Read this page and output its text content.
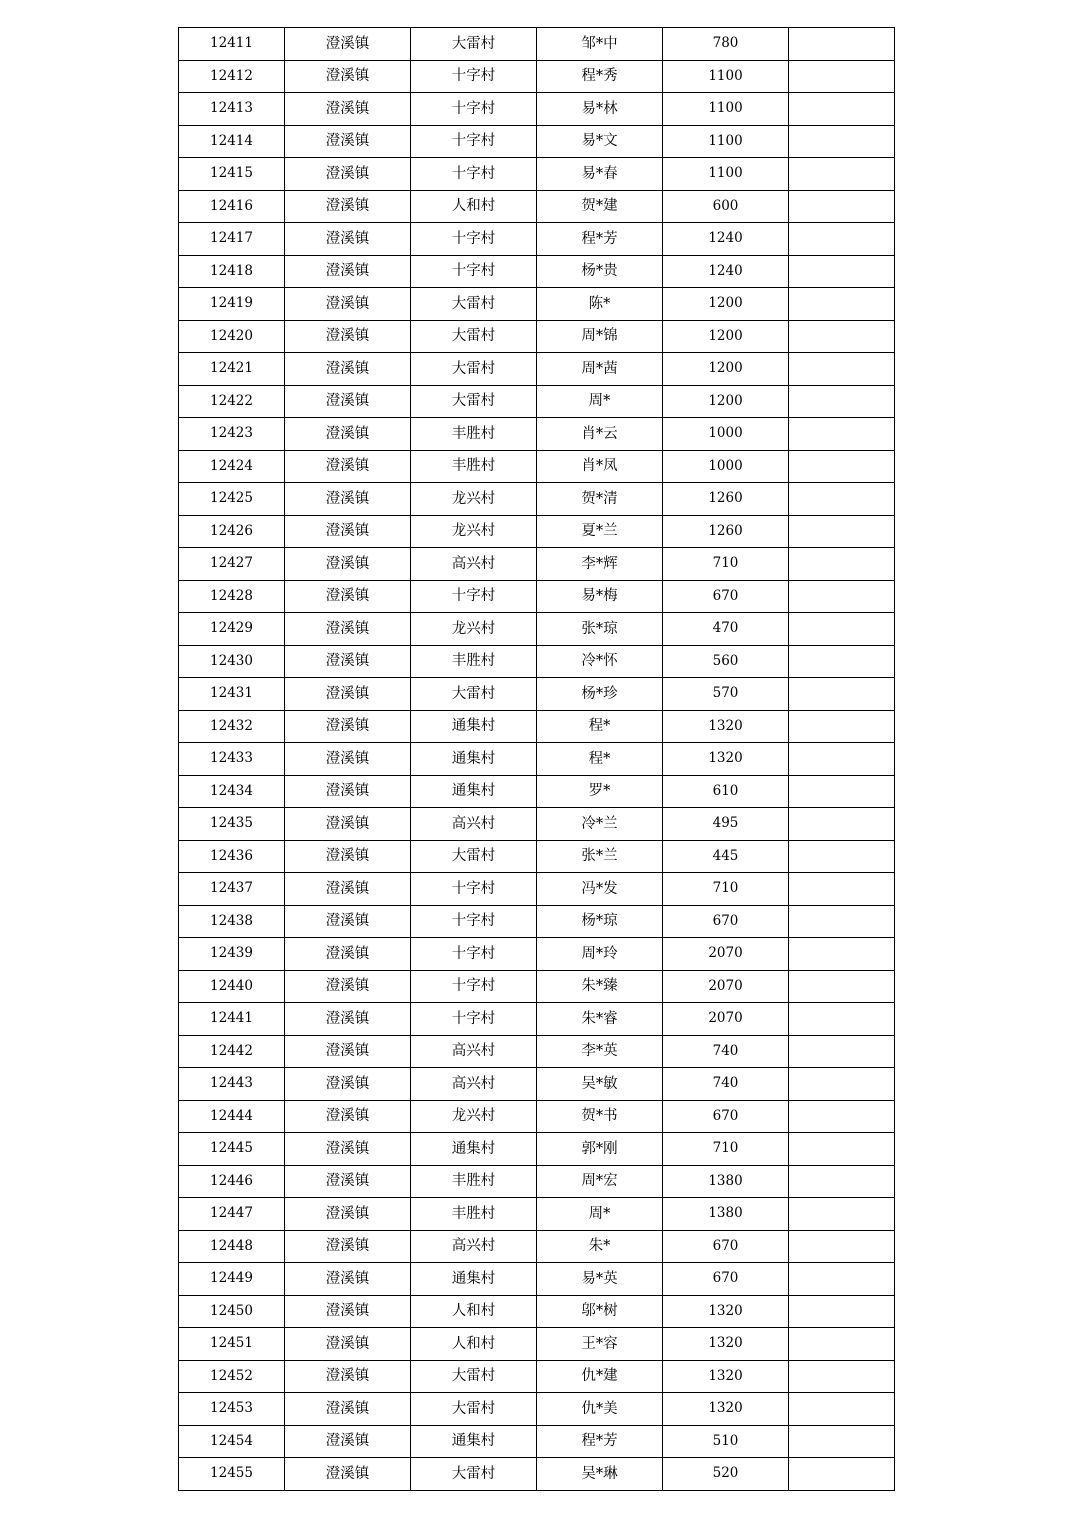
12411	澄溪镇	大雷村	邹*中	780	
12412	澄溪镇	十字村	程*秀	1100	
12413	澄溪镇	十字村	易*林	1100	
12414	澄溪镇	十字村	易*文	1100	
12415	澄溪镇	十字村	易*春	1100	
12416	澄溪镇	人和村	贺*建	600	
12417	澄溪镇	十字村	程*芳	1240	
12418	澄溪镇	十字村	杨*贵	1240	
12419	澄溪镇	大雷村	陈*	1200	
12420	澄溪镇	大雷村	周*锦	1200	
12421	澄溪镇	大雷村	周*茜	1200	
12422	澄溪镇	大雷村	周*	1200	
12423	澄溪镇	丰胜村	肖*云	1000	
12424	澄溪镇	丰胜村	肖*凤	1000	
12425	澄溪镇	龙兴村	贺*清	1260	
12426	澄溪镇	龙兴村	夏*兰	1260	
12427	澄溪镇	高兴村	李*辉	710	
12428	澄溪镇	十字村	易*梅	670	
12429	澄溪镇	龙兴村	张*琼	470	
12430	澄溪镇	丰胜村	冷*怀	560	
12431	澄溪镇	大雷村	杨*珍	570	
12432	澄溪镇	通集村	程*	1320	
12433	澄溪镇	通集村	程*	1320	
12434	澄溪镇	通集村	罗*	610	
12435	澄溪镇	高兴村	冷*兰	495	
12436	澄溪镇	大雷村	张*兰	445	
12437	澄溪镇	十字村	冯*发	710	
12438	澄溪镇	十字村	杨*琼	670	
12439	澄溪镇	十字村	周*玲	2070	
12440	澄溪镇	十字村	朱*臻	2070	
12441	澄溪镇	十字村	朱*睿	2070	
12442	澄溪镇	高兴村	李*英	740	
12443	澄溪镇	高兴村	吴*敏	740	
12444	澄溪镇	龙兴村	贺*书	670	
12445	澄溪镇	通集村	郭*刚	710	
12446	澄溪镇	丰胜村	周*宏	1380	
12447	澄溪镇	丰胜村	周*	1380	
12448	澄溪镇	高兴村	朱*	670	
12449	澄溪镇	通集村	易*英	670	
12450	澄溪镇	人和村	邬*树	1320	
12451	澄溪镇	人和村	王*容	1320	
12452	澄溪镇	大雷村	仇*建	1320	
12453	澄溪镇	大雷村	仇*美	1320	
12454	澄溪镇	通集村	程*芳	510	
12455	澄溪镇	大雷村	吴*琳	520	
